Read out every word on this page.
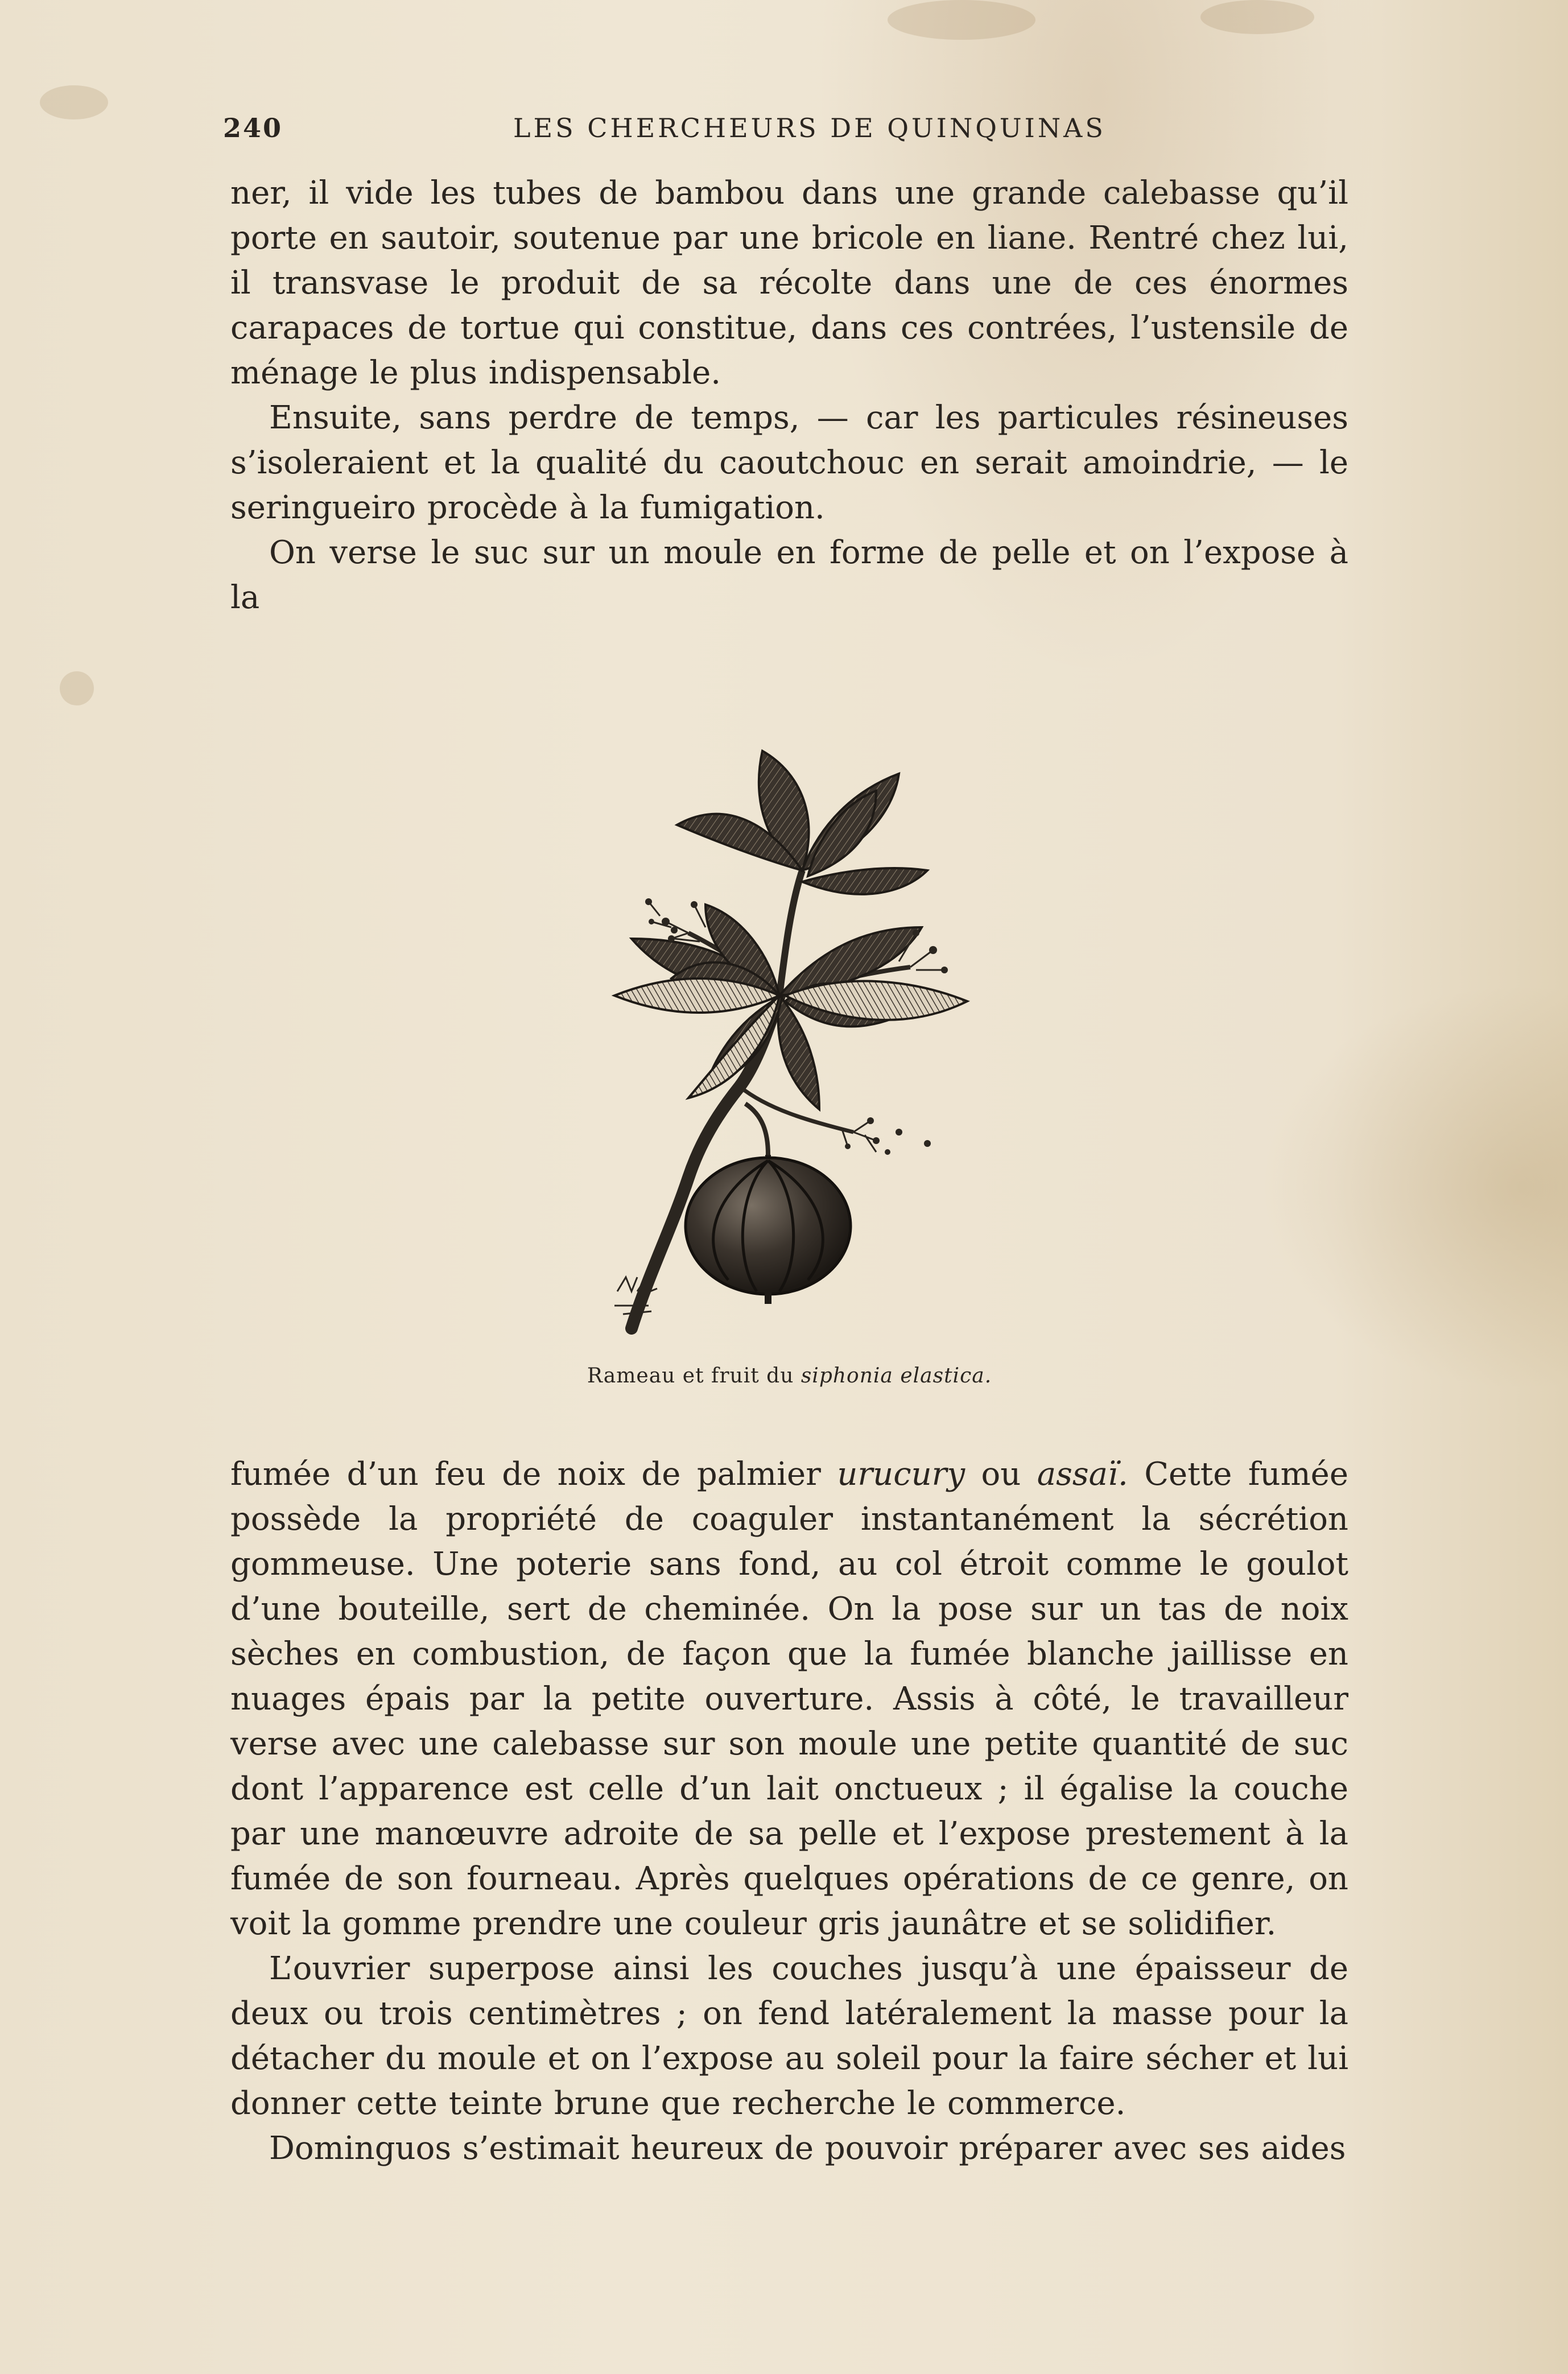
240	LES CHERCHEURS DE QUINQUINAS

ner, il vide les tubes de bambou dans une grande calebasse qu’il porte en sautoir, soutenue par une bricole en liane. Rentré chez lui, il transvase le produit de sa récolte dans une de ces énormes carapaces de tortue qui constitue, dans ces contrées, l’ustensile de ménage le plus indispensable.

Ensuite, sans perdre de temps, — car les particules résineuses s’isoleraient et la qualité du caoutchouc en serait amoindrie, — le seringueiro procède à la fumigation.

On verse le suc sur un moule en forme de pelle et on l’expose à la

Rameau et fruit du siphonia elastica.

fumée d’un feu de noix de palmier urucury ou assaï. Cette fumée possède la propriété de coaguler instantanément la sécrétion gommeuse. Une poterie sans fond, au col étroit comme le goulot d’une bouteille, sert de cheminée. On la pose sur un tas de noix sèches en combustion, de façon que la fumée blanche jaillisse en nuages épais par la petite ouverture. Assis à côté, le travailleur verse avec une calebasse sur son moule une petite quantité de suc dont l’apparence est celle d’un lait onctueux ; il égalise la couche par une manœuvre adroite de sa pelle et l’expose prestement à la fumée de son fourneau. Après quelques opérations de ce genre, on voit la gomme prendre une couleur gris jaunâtre et se solidifier.

L’ouvrier superpose ainsi les couches jusqu’à une épaisseur de deux ou trois centimètres ; on fend latéralement la masse pour la détacher du moule et on l’expose au soleil pour la faire sécher et lui donner cette teinte brune que recherche le commerce.

Dominguos s’estimait heureux de pouvoir préparer avec ses aides
